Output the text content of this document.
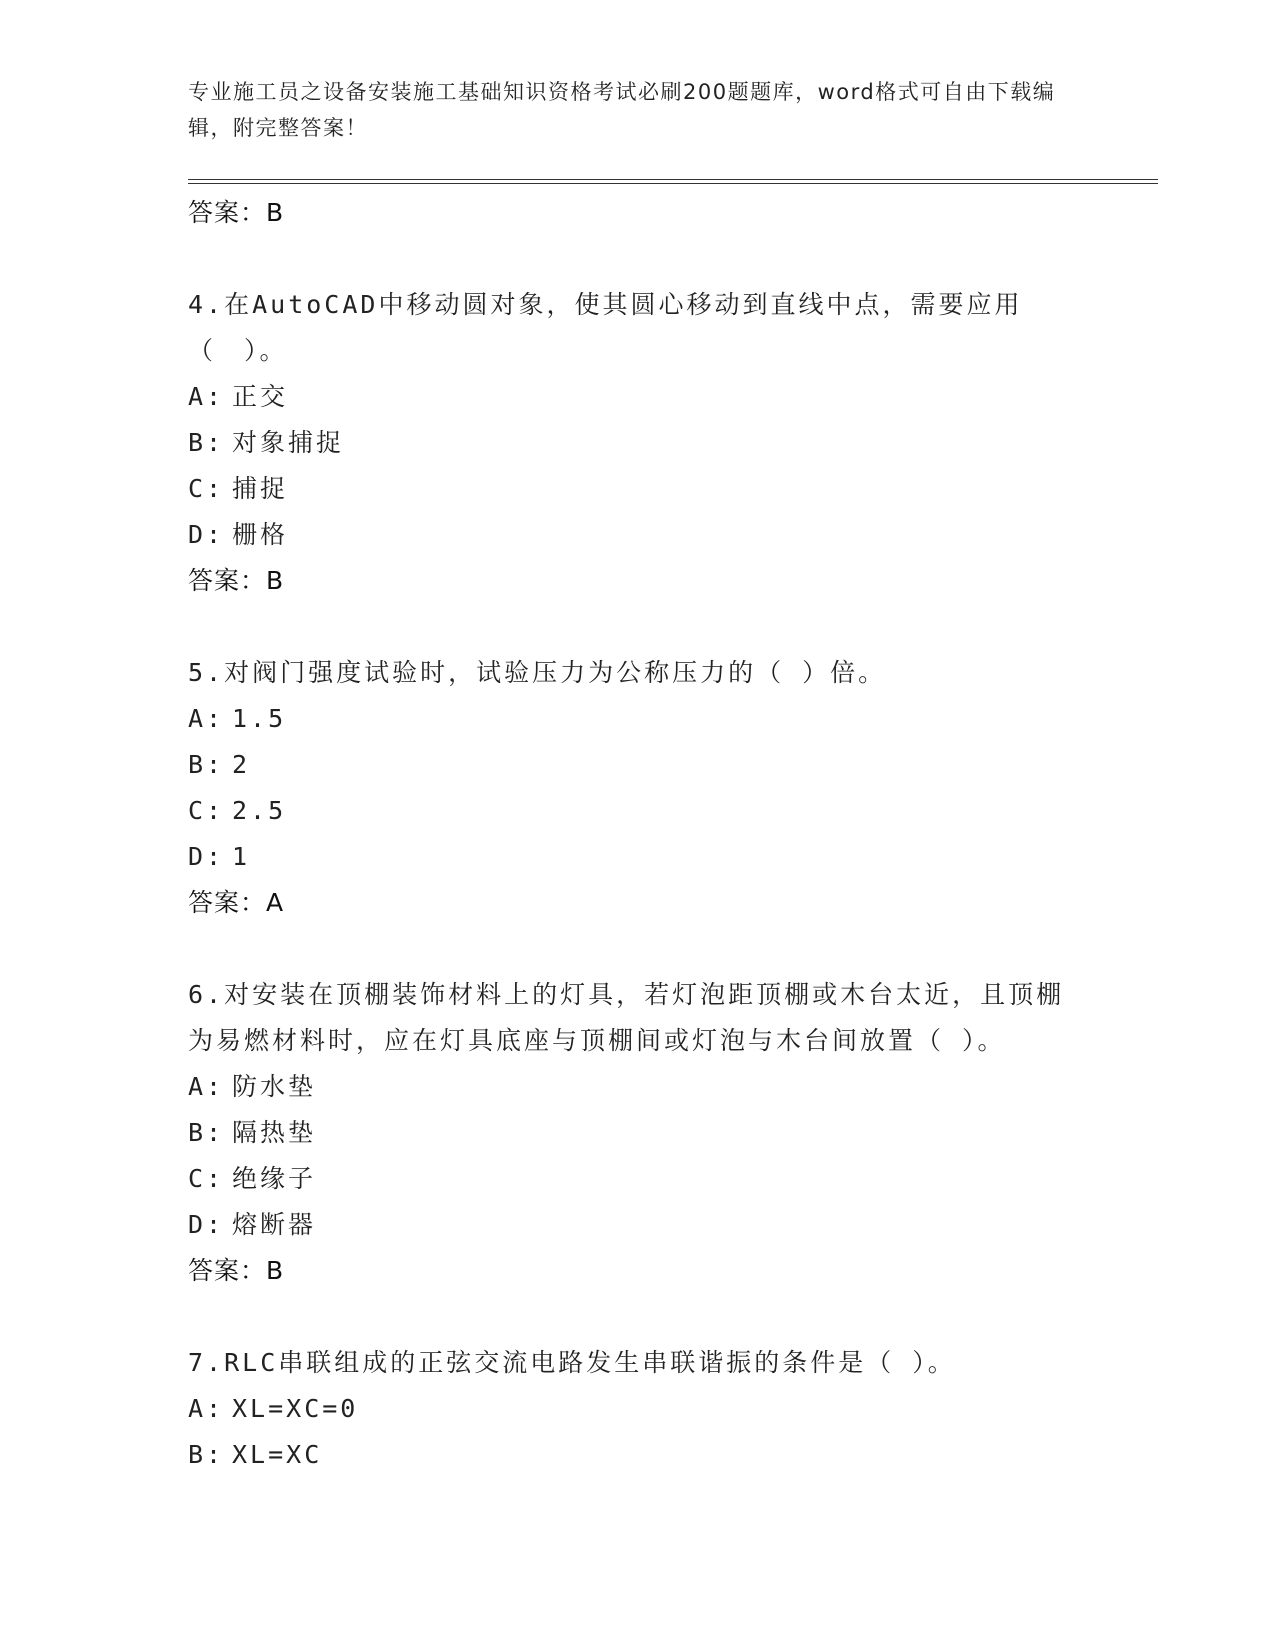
专业施工员之设备安装施工基础知识资格考试必刷200题题库，word格式可自由下载编辑，附完整答案！
答案：B

4.在AutoCAD中移动圆对象，使其圆心移动到直线中点，需要应用（　）。

A: 正交
B: 对象捕捉
C: 捕捉
D: 栅格
答案：B

5.对阀门强度试验时，试验压力为公称压力的（ ）倍。

A: 1.5
B: 2
C: 2.5
D: 1
答案：A

6.对安装在顶棚装饰材料上的灯具，若灯泡距顶棚或木台太近，且顶棚为易燃材料时，应在灯具底座与顶棚间或灯泡与木台间放置（ ）。

A: 防水垫
B: 隔热垫
C: 绝缘子
D: 熔断器
答案：B

7.RLC串联组成的正弦交流电路发生串联谐振的条件是（ ）。

A: XL=XC=0
B: XL=XC
